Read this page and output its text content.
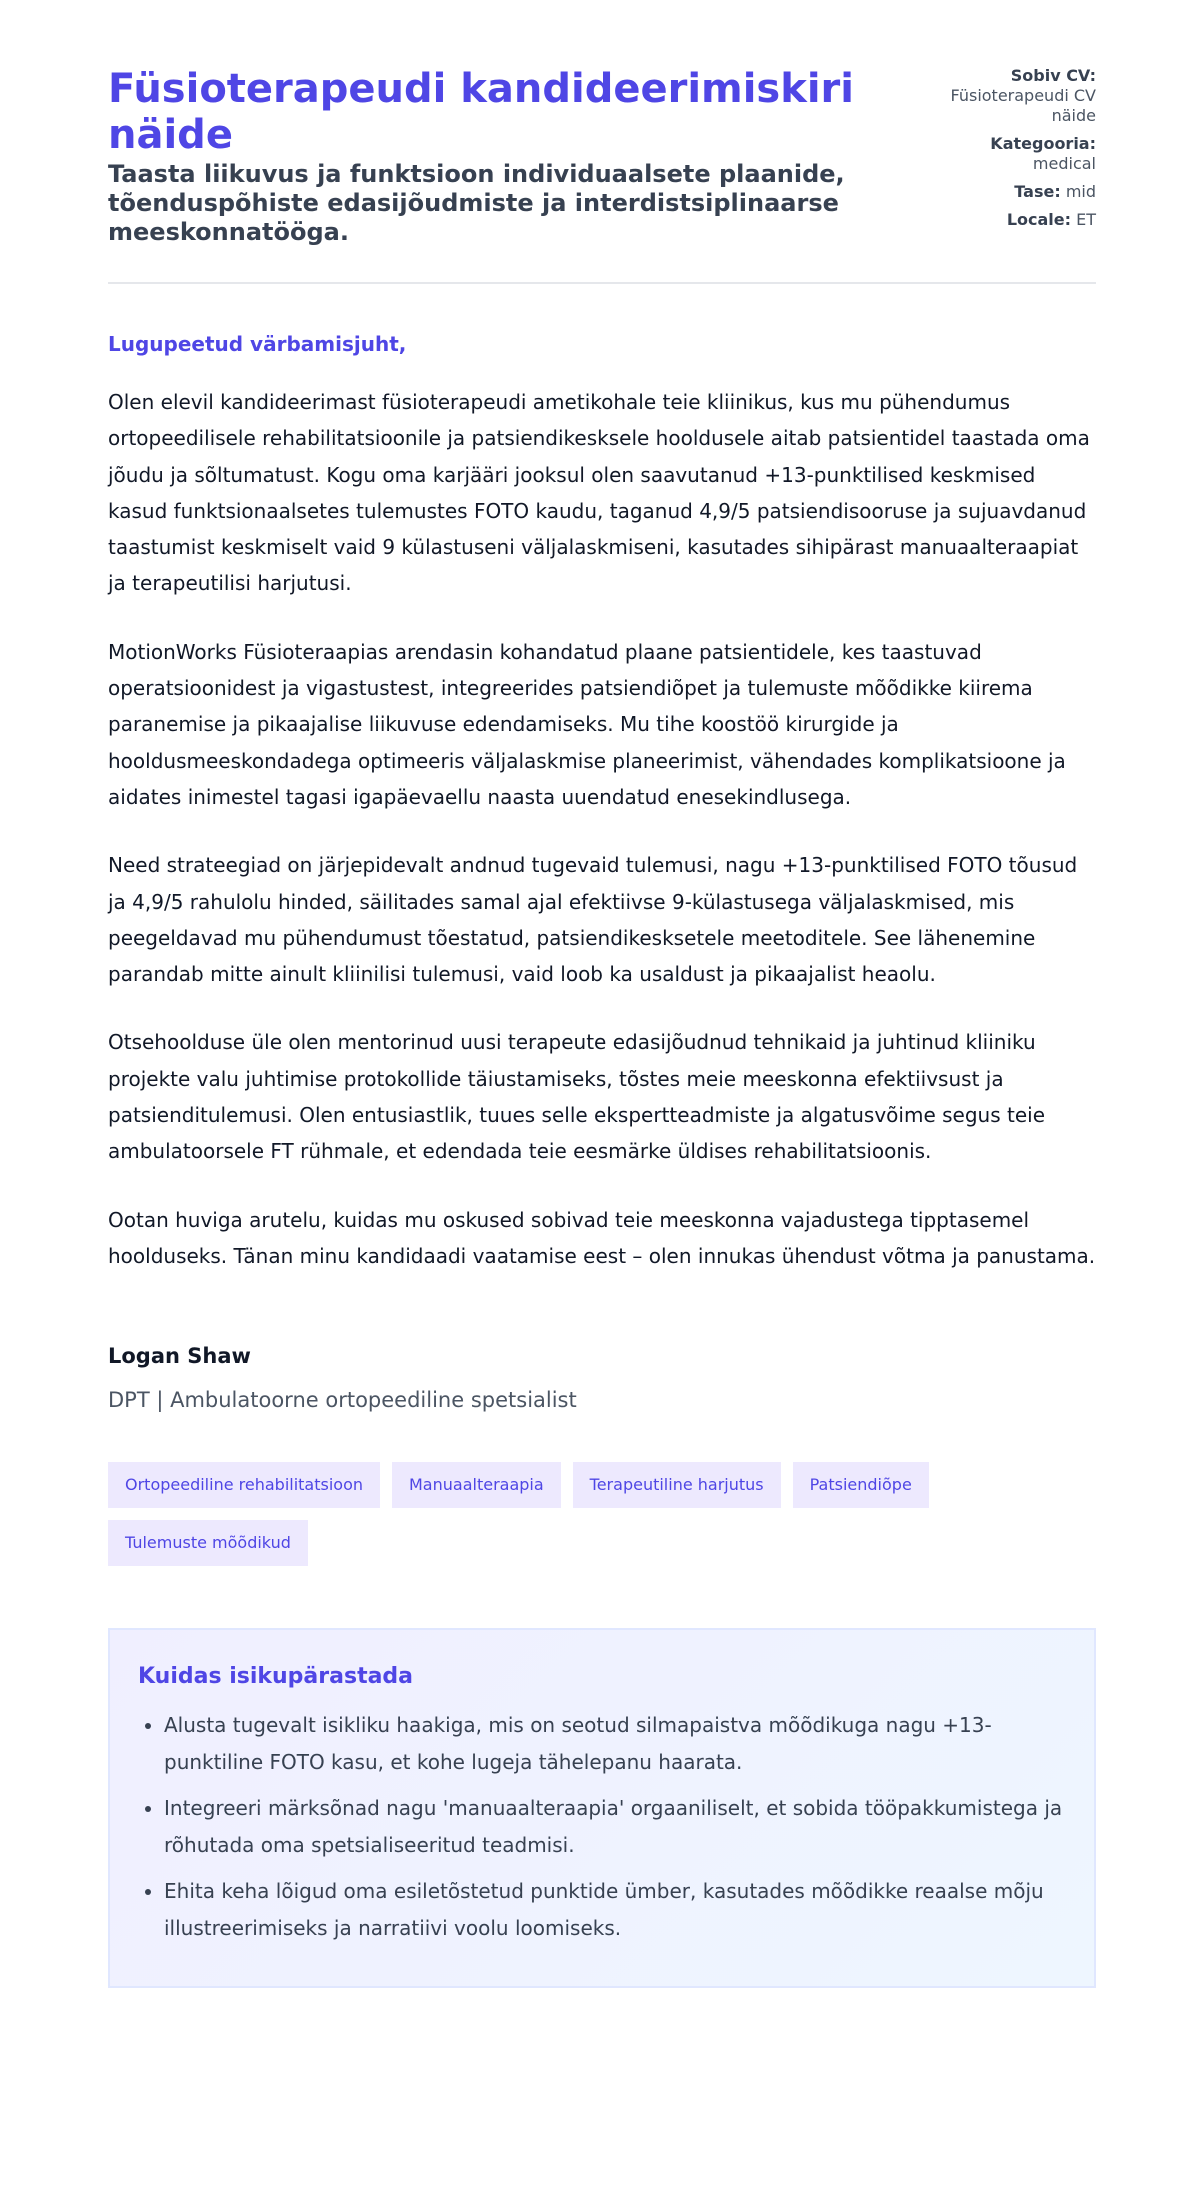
Füsioterapeudi kandideerimiskiri näide
Taasta liikuvus ja funktsioon individuaalsete plaanide, tõenduspõhiste edasijõudmiste ja interdistsiplinaarse meeskonnatööga.
Sobiv CV:
Füsioterapeudi CV näide
Kategooria:
medical
Tase: mid
Locale: ET
Lugupeetud värbamisjuht,

Olen elevil kandideerimast füsioterapeudi ametikohale teie kliinikus, kus mu pühendumus ortopeedilisele rehabilitatsioonile ja patsiendikesksele hooldusele aitab patsientidel taastada oma jõudu ja sõltumatust. Kogu oma karjääri jooksul olen saavutanud +13-punktilised keskmised kasud funktsionaalsetes tulemustes FOTO kaudu, taganud 4,9/5 patsiendisooruse ja sujuavdanud taastumist keskmiselt vaid 9 külastuseni väljalaskmiseni, kasutades sihipärast manuaalteraapiat ja terapeutilisi harjutusi.

MotionWorks Füsioteraapias arendasin kohandatud plaane patsientidele, kes taastuvad operatsioonidest ja vigastustest, integreerides patsiendiõpet ja tulemuste mõõdikke kiirema paranemise ja pikaajalise liikuvuse edendamiseks. Mu tihe koostöö kirurgide ja hooldusmeeskondadega optimeeris väljalaskmise planeerimist, vähendades komplikatsioone ja aidates inimestel tagasi igapäevaellu naasta uuendatud enesekindlusega.

Need strateegiad on järjepidevalt andnud tugevaid tulemusi, nagu +13-punktilised FOTO tõusud ja 4,9/5 rahulolu hinded, säilitades samal ajal efektiivse 9-külastusega väljalaskmised, mis peegeldavad mu pühendumust tõestatud, patsiendikesksetele meetoditele. See lähenemine parandab mitte ainult kliinilisi tulemusi, vaid loob ka usaldust ja pikaajalist heaolu.

Otsehoolduse üle olen mentorinud uusi terapeute edasijõudnud tehnikaid ja juhtinud kliiniku projekte valu juhtimise protokollide täiustamiseks, tõstes meie meeskonna efektiivsust ja patsienditulemusi. Olen entusiastlik, tuues selle ekspertteadmiste ja algatusvõime segus teie ambulatoorsele FT rühmale, et edendada teie eesmärke üldises rehabilitatsioonis.

Ootan huviga arutelu, kuidas mu oskused sobivad teie meeskonna vajadustega tipptasemel hoolduseks. Tänan minu kandidaadi vaatamise eest – olen innukas ühendust võtma ja panustama.

Logan Shaw
DPT | Ambulatoorne ortopeediline spetsialist
Ortopeediline rehabilitatsioon	Manuaalteraapia	Terapeutiline harjutus	Patsiendiõpe
Tulemuste mõõdikud
Kuidas isikupärastada
• Alusta tugevalt isikliku haakiga, mis on seotud silmapaistva mõõdikuga nagu +13-punktiline FOTO kasu, et kohe lugeja tähelepanu haarata.
• Integreeri märksõnad nagu 'manuaalteraapia' orgaaniliselt, et sobida tööpakkumistega ja rõhutada oma spetsialiseeritud teadmisi.
• Ehita keha lõigud oma esiletõstetud punktide ümber, kasutades mõõdikke reaalse mõju illustreerimiseks ja narratiivi voolu loomiseks.
